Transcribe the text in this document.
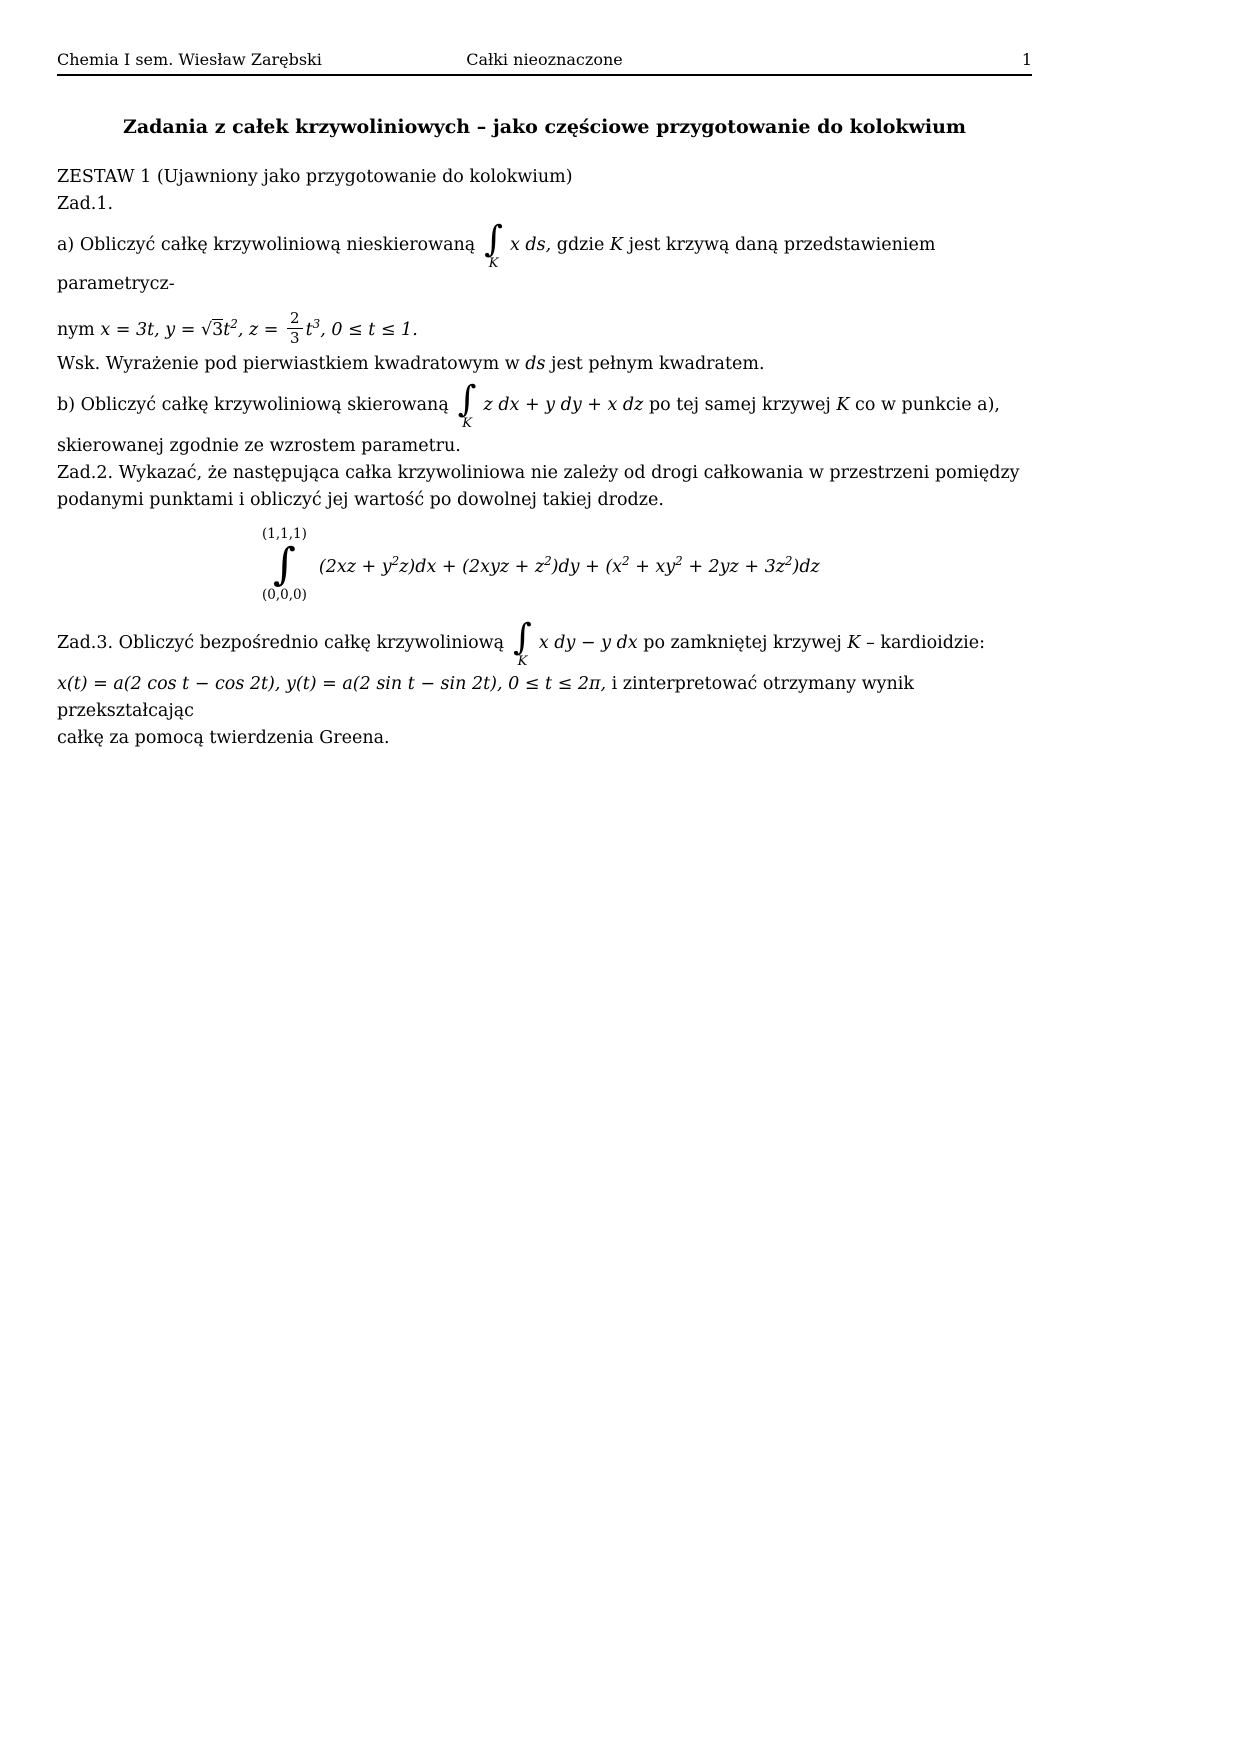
Chemia I sem. Wiesław Zarębski	Całki nieoznaczone	1
Zadania z całek krzywoliniowych – jako częściowe przygotowanie do kolokwium
ZESTAW 1 (Ujawniony jako przygotowanie do kolokwium)
Zad.1.
a) Obliczyć całkę krzywoliniową nieskierowaną ∫
K
x ds, gdzie K jest krzywą daną przedstawieniem parametrycz-
nym x = 3t, $y = √3t^2$, $z = \frac{2}{3} t^3$, 0 ≤ t ≤ 1.
Wsk. Wyrażenie pod pierwiastkiem kwadratowym w ds jest pełnym kwadratem.
b) Obliczyć całkę krzywoliniową skierowaną ∫
K
z dx + y dy + x dz po tej samej krzywej K co w punkcie a),
skierowanej zgodnie ze wzrostem parametru.
Zad.2. Wykazać, że następująca całka krzywoliniowa nie zależy od drogi całkowania w przestrzeni pomiędzy
podanymi punktami i obliczyć jej wartość po dowolnej takiej drodze.
(1,1,1)
∫
(0,0,0)
$(2xz + y^2z)dx + (2xyz + z^2)dy + (x^2 + xy^2 + 2yz + 3z^2)dz$
Zad.3. Obliczyć bezpośrednio całkę krzywoliniową ∫
K
x dy − y dx po zamkniętej krzywej K – kardioidzie:
x(t) = a(2 cos t − cos 2t), y(t) = a(2 sin t − sin 2t), 0 ≤ t ≤ 2π, i zinterpretować otrzymany wynik przekształcając
całkę za pomocą twierdzenia Greena.
